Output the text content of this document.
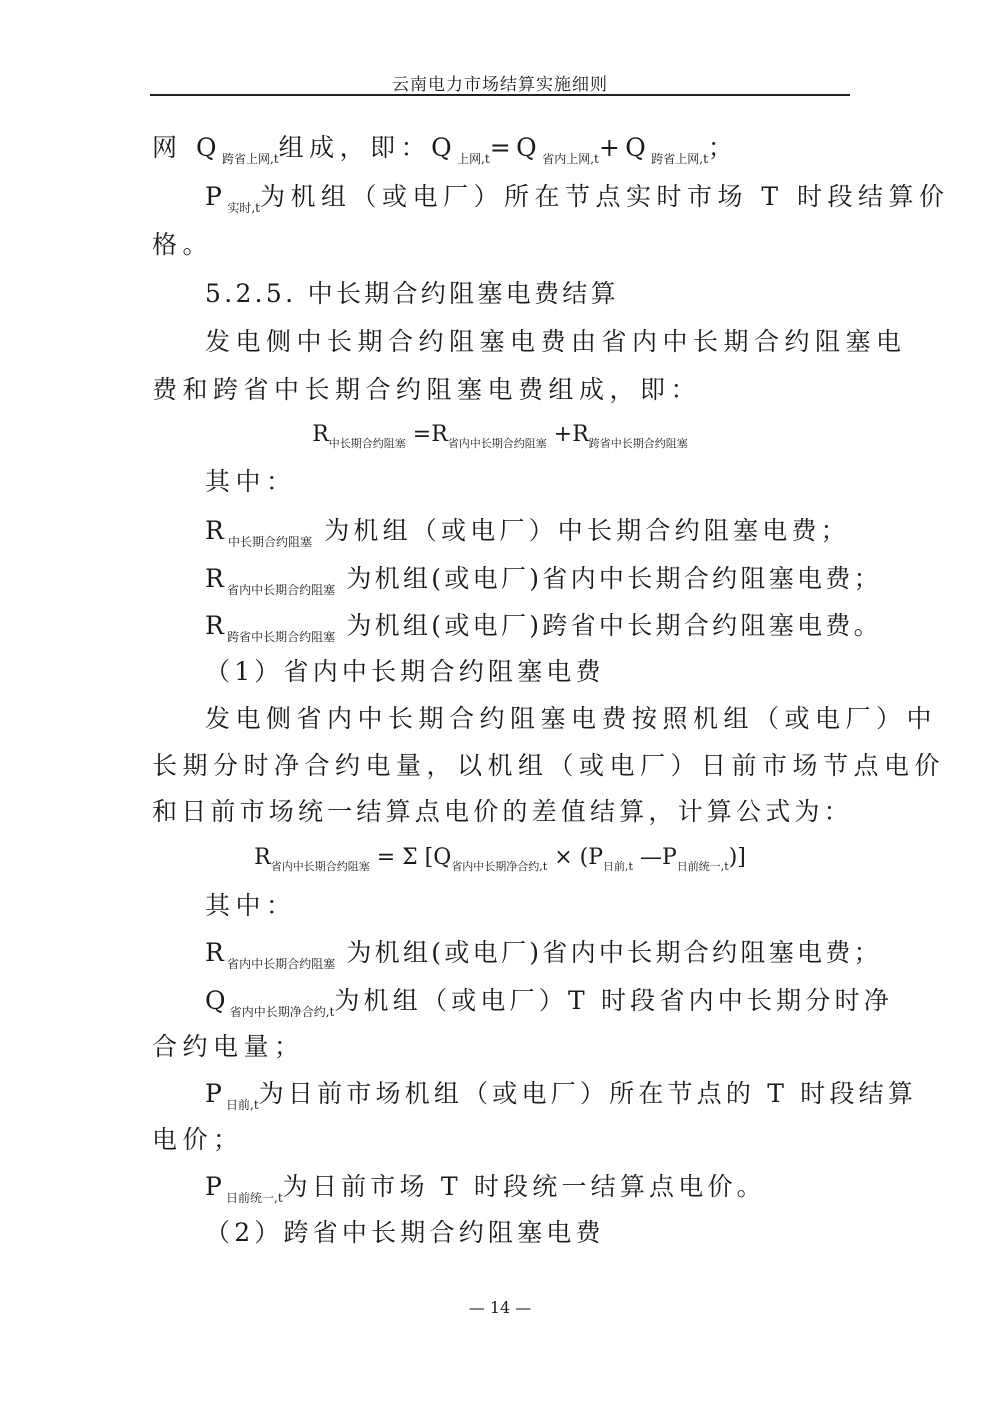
云南电力市场结算实施细则
网 $Q_{跨省上网,t}$组成，即：$Q_{上网,t}=Q_{省内上网,t}+Q_{跨省上网,t}$；
$P_{实时,t}$为机组（或电厂）所在节点实时市场 T 时段结算价
格。
5.2.5. 中长期合约阻塞电费结算
发电侧中长期合约阻塞电费由省内中长期合约阻塞电
费和跨省中长期合约阻塞电费组成，即：
$R_{中长期合约阻塞} =R_{省内中长期合约阻塞} +R_{跨省中长期合约阻塞}$
其中：
$R_{中长期合约阻塞}$ 为机组（或电厂）中长期合约阻塞电费；
$R_{省内中长期合约阻塞}$ 为机组(或电厂)省内中长期合约阻塞电费；
$R_{跨省中长期合约阻塞}$ 为机组(或电厂)跨省中长期合约阻塞电费。
（1）省内中长期合约阻塞电费
发电侧省内中长期合约阻塞电费按照机组（或电厂）中
长期分时净合约电量，以机组（或电厂）日前市场节点电价
和日前市场统一结算点电价的差值结算，计算公式为：
$R_{省内中长期合约阻塞} = \Sigma$ [$Q_{省内中长期净合约,t} \times (P_{日前,t}$ $—P_{日前统一,t}$)]
其中：
$R_{省内中长期合约阻塞}$ 为机组(或电厂)省内中长期合约阻塞电费；
$Q_{省内中长期净合约,t}$为机组（或电厂）T 时段省内中长期分时净
合约电量；
$P_{日前,t}$为日前市场机组（或电厂）所在节点的 T 时段结算
电价；
$P_{日前统一,t}$为日前市场 T 时段统一结算点电价。
（2）跨省中长期合约阻塞电费
— 14 —
